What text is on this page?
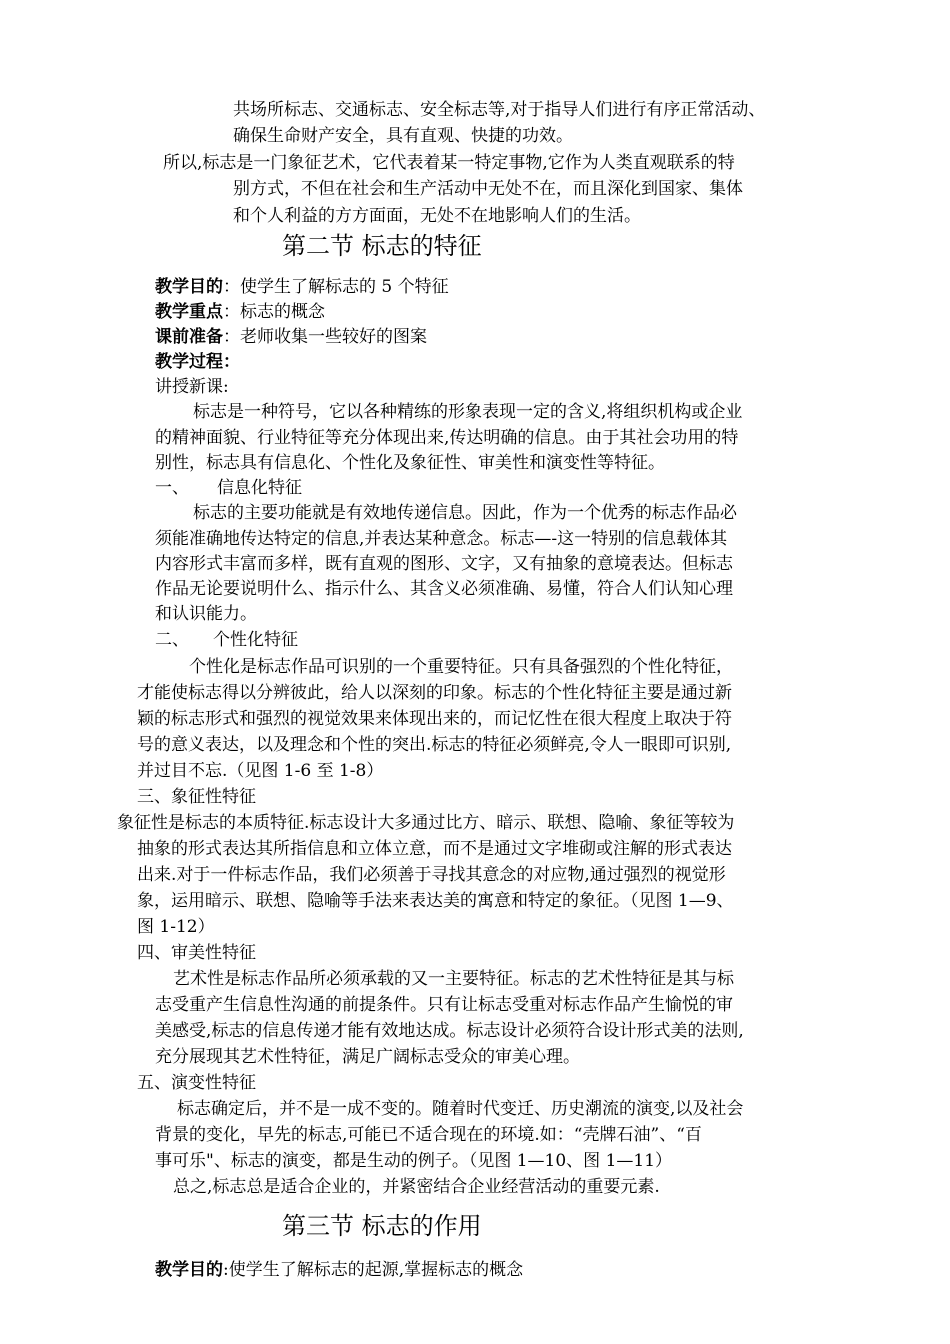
共场所标志、交通标志、安全标志等,对于指导人们进行有序正常活动、
确保生命财产安全，具有直观、快捷的功效。
所以,标志是一门象征艺术，它代表着某一特定事物,它作为人类直观联系的特
别方式，不但在社会和生产活动中无处不在，而且深化到国家、集体
和个人利益的方方面面，无处不在地影响人们的生活。
第二节 标志的特征
教学目的：使学生了解标志的 5 个特征
教学重点：标志的概念
课前准备：老师收集一些较好的图案
教学过程：
讲授新课:
标志是一种符号，它以各种精练的形象表现一定的含义,将组织机构或企业
的精神面貌、行业特征等充分体现出来,传达明确的信息。由于其社会功用的特
别性，标志具有信息化、个性化及象征性、审美性和演变性等特征。
一、 信息化特征
标志的主要功能就是有效地传递信息。因此，作为一个优秀的标志作品必
须能准确地传达特定的信息,并表达某种意念。标志—-这一特别的信息载体其
内容形式丰富而多样，既有直观的图形、文字，又有抽象的意境表达。但标志
作品无论要说明什么、指示什么、其含义必须准确、易懂，符合人们认知心理
和认识能力。
二、 个性化特征
个性化是标志作品可识别的一个重要特征。只有具备强烈的个性化特征，
才能使标志得以分辨彼此，给人以深刻的印象。标志的个性化特征主要是通过新
颖的标志形式和强烈的视觉效果来体现出来的，而记忆性在很大程度上取决于符
号的意义表达，以及理念和个性的突出.标志的特征必须鲜亮,令人一眼即可识别,
并过目不忘.（见图 1-6 至 1-8）
三、象征性特征
象征性是标志的本质特征.标志设计大多通过比方、暗示、联想、隐喻、象征等较为
抽象的形式表达其所指信息和立体立意，而不是通过文字堆砌或注解的形式表达
出来.对于一件标志作品，我们必须善于寻找其意念的对应物,通过强烈的视觉形
象，运用暗示、联想、隐喻等手法来表达美的寓意和特定的象征。（见图 1—9、
图 1-12）
四、审美性特征
艺术性是标志作品所必须承载的又一主要特征。标志的艺术性特征是其与标
志受重产生信息性沟通的前提条件。只有让标志受重对标志作品产生愉悦的审
美感受,标志的信息传递才能有效地达成。标志设计必须符合设计形式美的法则,
充分展现其艺术性特征，满足广阔标志受众的审美心理。
五、演变性特征
标志确定后，并不是一成不变的。随着时代变迁、历史潮流的演变,以及社会
背景的变化，早先的标志,可能已不适合现在的环境.如：“壳牌石油”、“百
事可乐"、标志的演变，都是生动的例子。（见图 1—10、图 1—11）
总之,标志总是适合企业的，并紧密结合企业经营活动的重要元素.
第三节 标志的作用
教学目的:使学生了解标志的起源,掌握标志的概念
